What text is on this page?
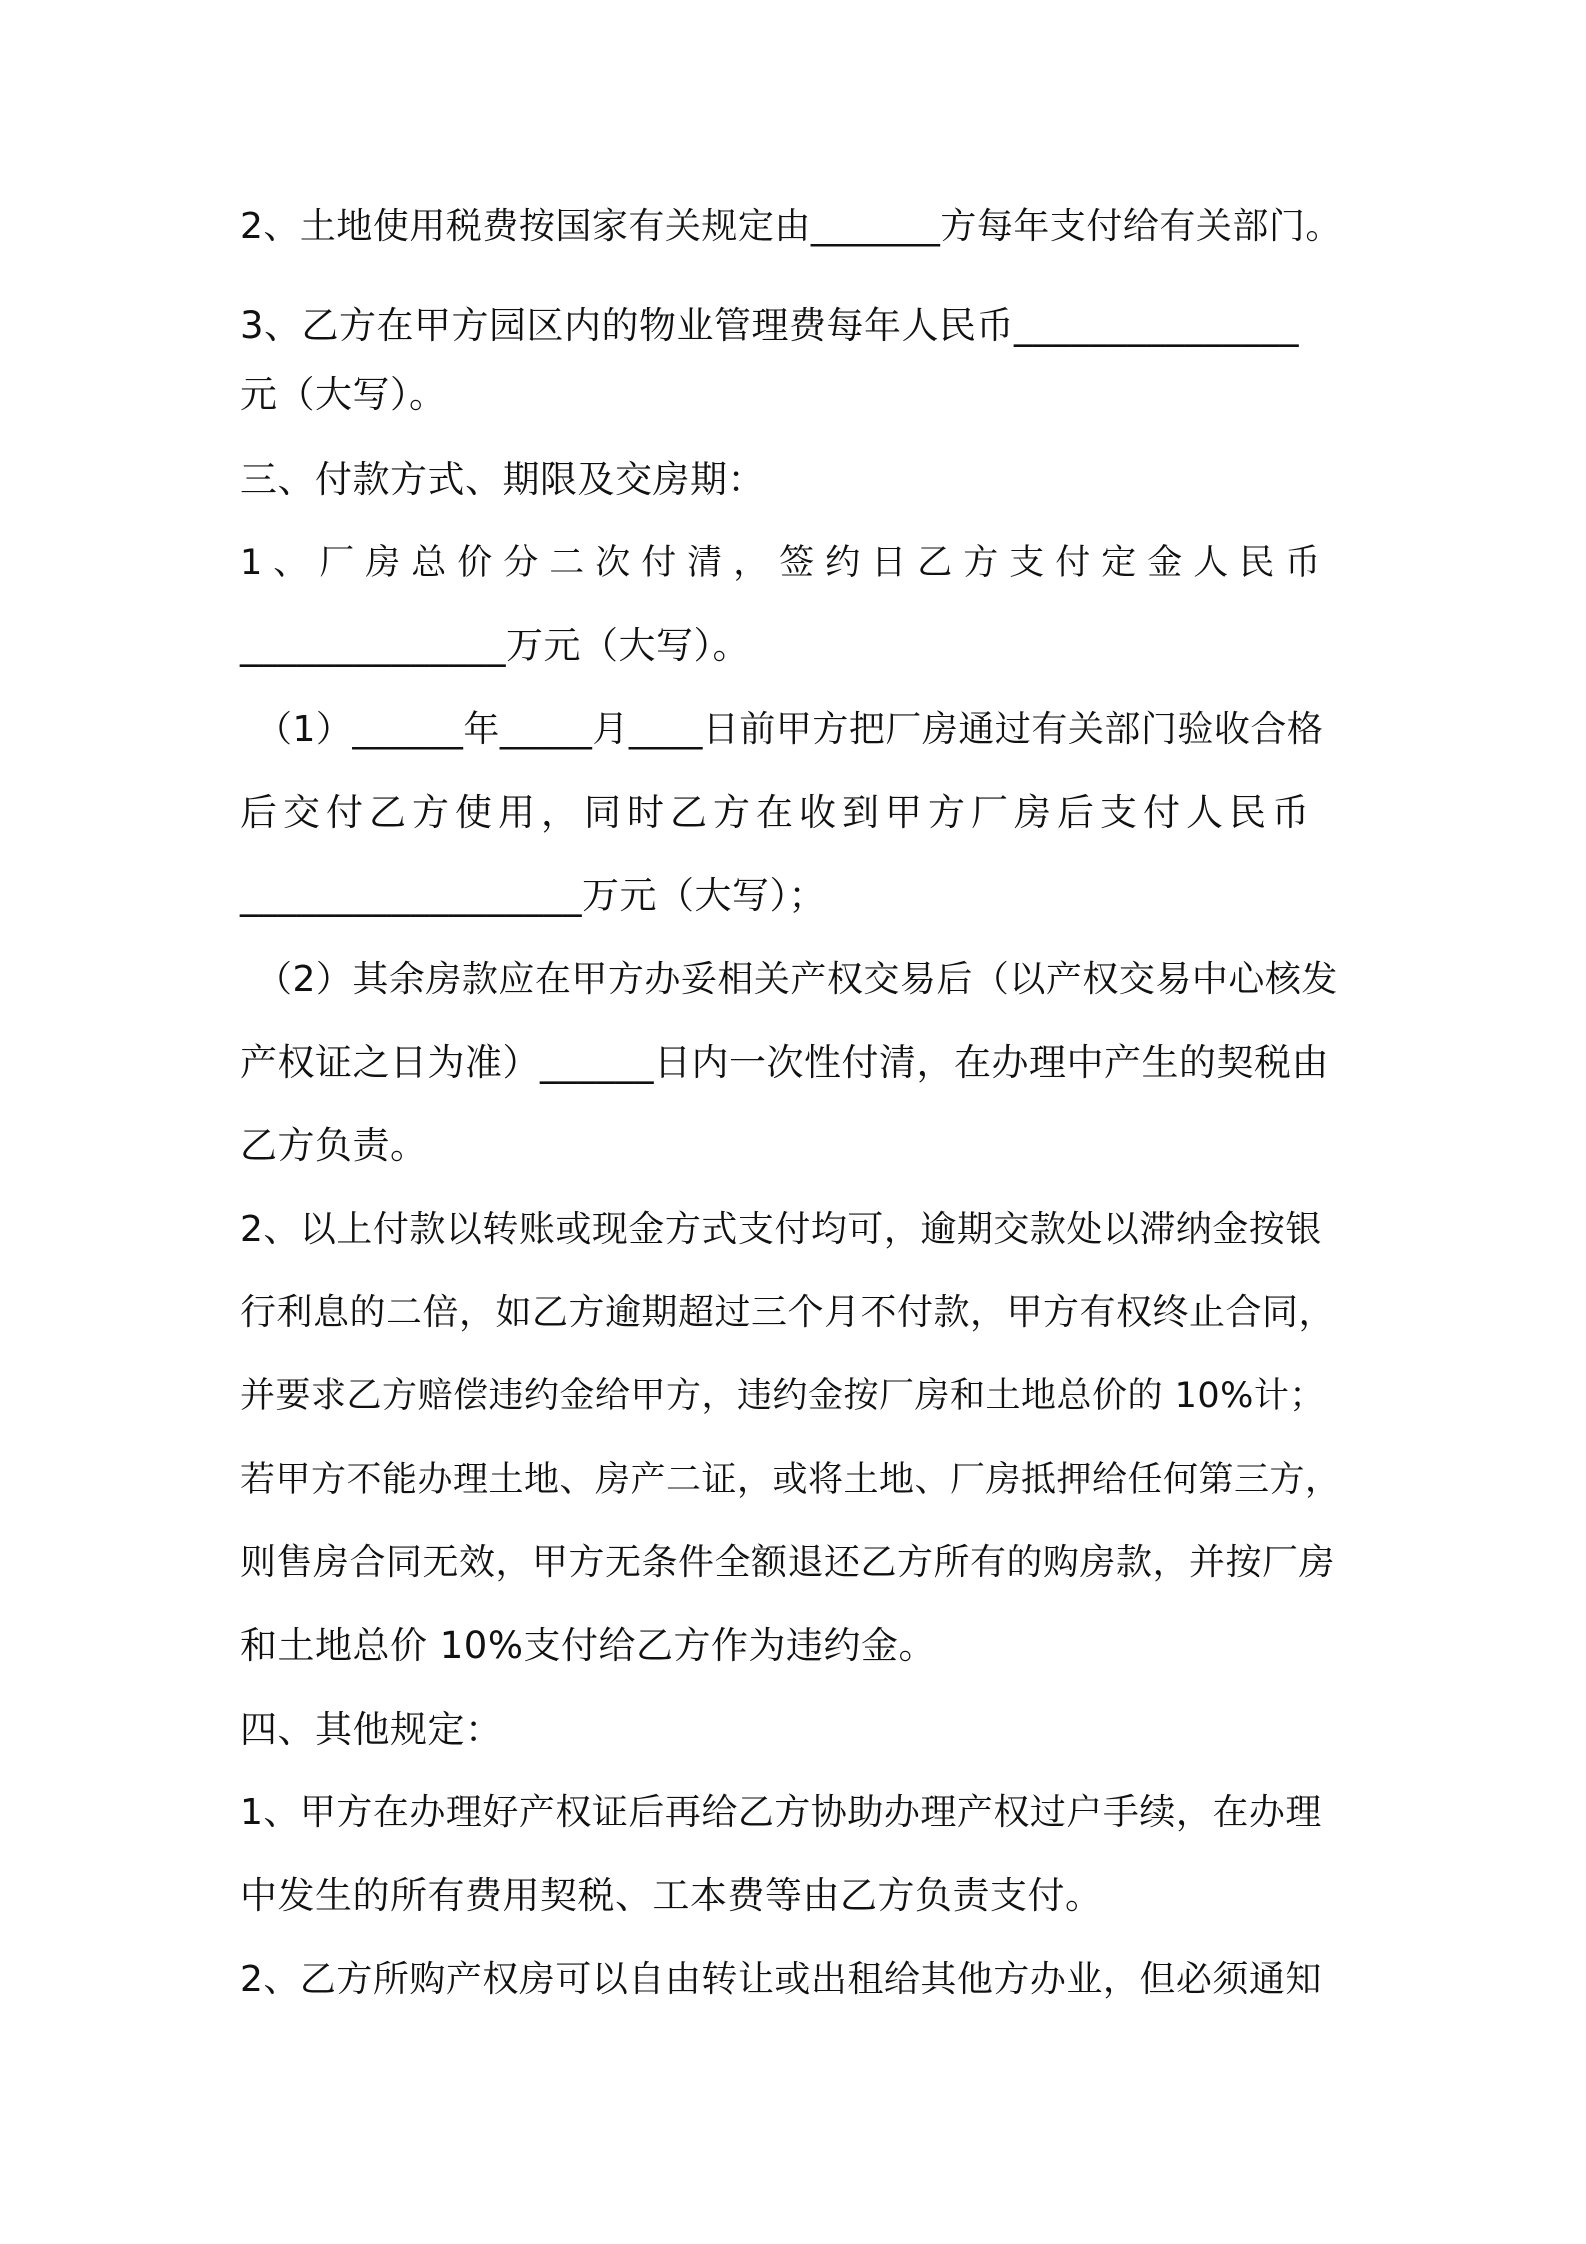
2、土地使用税费按国家有关规定由_______方每年支付给有关部门。
3、乙方在甲方园区内的物业管理费每年人民币_______________
元（大写）。
三、付款方式、期限及交房期：
1、厂房总价分二次付清，签约日乙方支付定金人民币
______________万元（大写）。
（1）______年_____月____日前甲方把厂房通过有关部门验收合格
后交付乙方使用，同时乙方在收到甲方厂房后支付人民币
__________________万元（大写）；
（2）其余房款应在甲方办妥相关产权交易后（以产权交易中心核发
产权证之日为准）______日内一次性付清，在办理中产生的契税由
乙方负责。
2、以上付款以转账或现金方式支付均可，逾期交款处以滞纳金按银
行利息的二倍，如乙方逾期超过三个月不付款，甲方有权终止合同，
并要求乙方赔偿违约金给甲方，违约金按厂房和土地总价的 10%计；
若甲方不能办理土地、房产二证，或将土地、厂房抵押给任何第三方，
则售房合同无效，甲方无条件全额退还乙方所有的购房款，并按厂房
和土地总价 10%支付给乙方作为违约金。
四、其他规定：
1、甲方在办理好产权证后再给乙方协助办理产权过户手续，在办理
中发生的所有费用契税、工本费等由乙方负责支付。
2、乙方所购产权房可以自由转让或出租给其他方办业，但必须通知
